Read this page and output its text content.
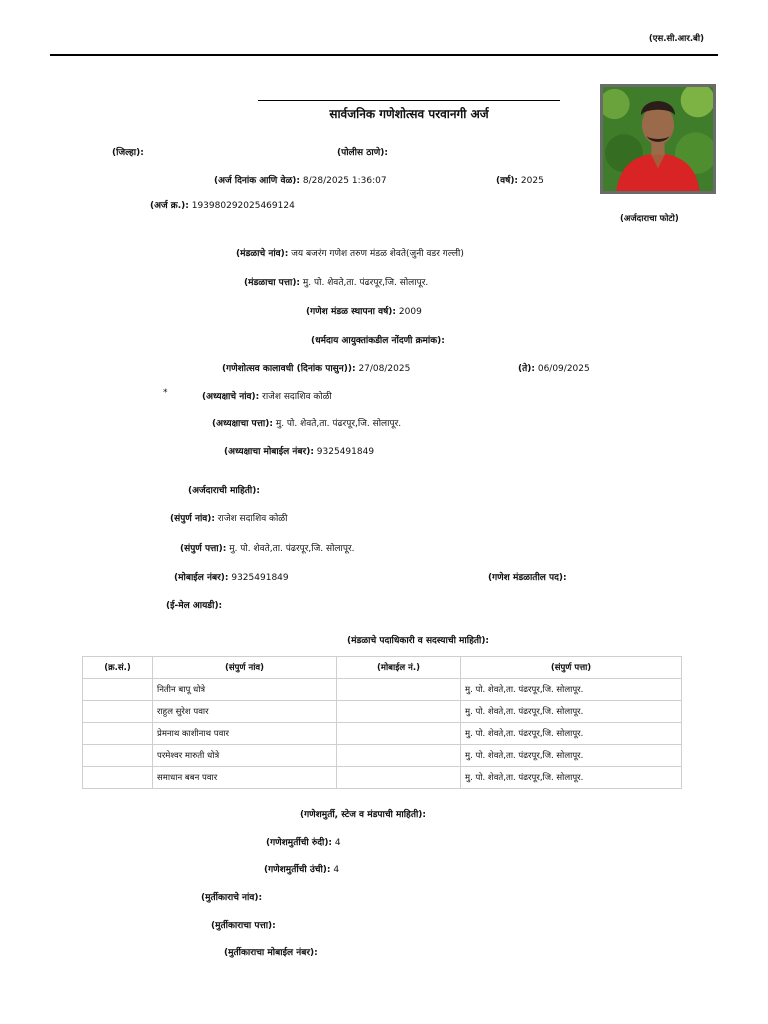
(एस.सी.आर.बी)
सार्वजनिक गणेशोत्सव परवानगी अर्ज
(अर्जदाराचा फोटो)
(जिल्हा):	(पोलीस ठाणे):
(अर्ज दिनांक आणि वेळ): 8/28/2025 1:36:07	(वर्ष): 2025
(अर्ज क्र.): 193980292025469124
(मंडळाचे नांव): जय बजरंग गणेश तरुण मंडळ शेवते(जुनी वडर गल्ली)
(मंडळाचा पत्ता): मु. पो. शेवते,ता. पंढरपूर,जि. सोलापूर.
(गणेश मंडळ स्थापना वर्ष): 2009
(धर्मदाय आयुक्तांकडील नोंदणी क्रमांक):
(गणेशोत्सव कालावधी (दिनांक पासुन)): 27/08/2025	(ते): 06/09/2025
*	(अध्यक्षाचे नांव): राजेश सदाशिव कोळी
(अध्यक्षाचा पत्ता): मु. पो. शेवते,ता. पंढरपूर,जि. सोलापूर.
(अध्यक्षाचा मोबाईल नंबर): 9325491849
(अर्जदाराची माहिती):
(संपुर्ण नांव): राजेश सदाशिव कोळी
(संपुर्ण पत्ता): मु. पो. शेवते,ता. पंढरपूर,जि. सोलापूर.
(मोबाईल नंबर): 9325491849	(गणेश मंडळातील पद):
(ई-मेल आयडी):
(मंडळाचे पदाधिकारी व सदस्याची माहिती):
(क्र.सं.)	(संपुर्ण नांव)	(मोबाईल नं.)	(संपुर्ण पत्ता)
	नितीन बापू धोत्रे		मु. पो. शेवते,ता. पंढरपूर,जि. सोलापूर.
	राहुल सुरेश पवार		मु. पो. शेवते,ता. पंढरपूर,जि. सोलापूर.
	प्रेमनाथ काशीनाथ पवार		मु. पो. शेवते,ता. पंढरपूर,जि. सोलापूर.
	परमेश्वर मारुती धोत्रे		मु. पो. शेवते,ता. पंढरपूर,जि. सोलापूर.
	समाधान बबन पवार		मु. पो. शेवते,ता. पंढरपूर,जि. सोलापूर.
(गणेशमुर्ती, स्टेज व मंडपाची माहिती):
(गणेशमुर्तीची रुंदी): 4
(गणेशमुर्तीची उंची): 4
(मुर्तीकाराचे नांव):
(मुर्तीकाराचा पत्ता):
(मुर्तीकाराचा मोबाईल नंबर):
